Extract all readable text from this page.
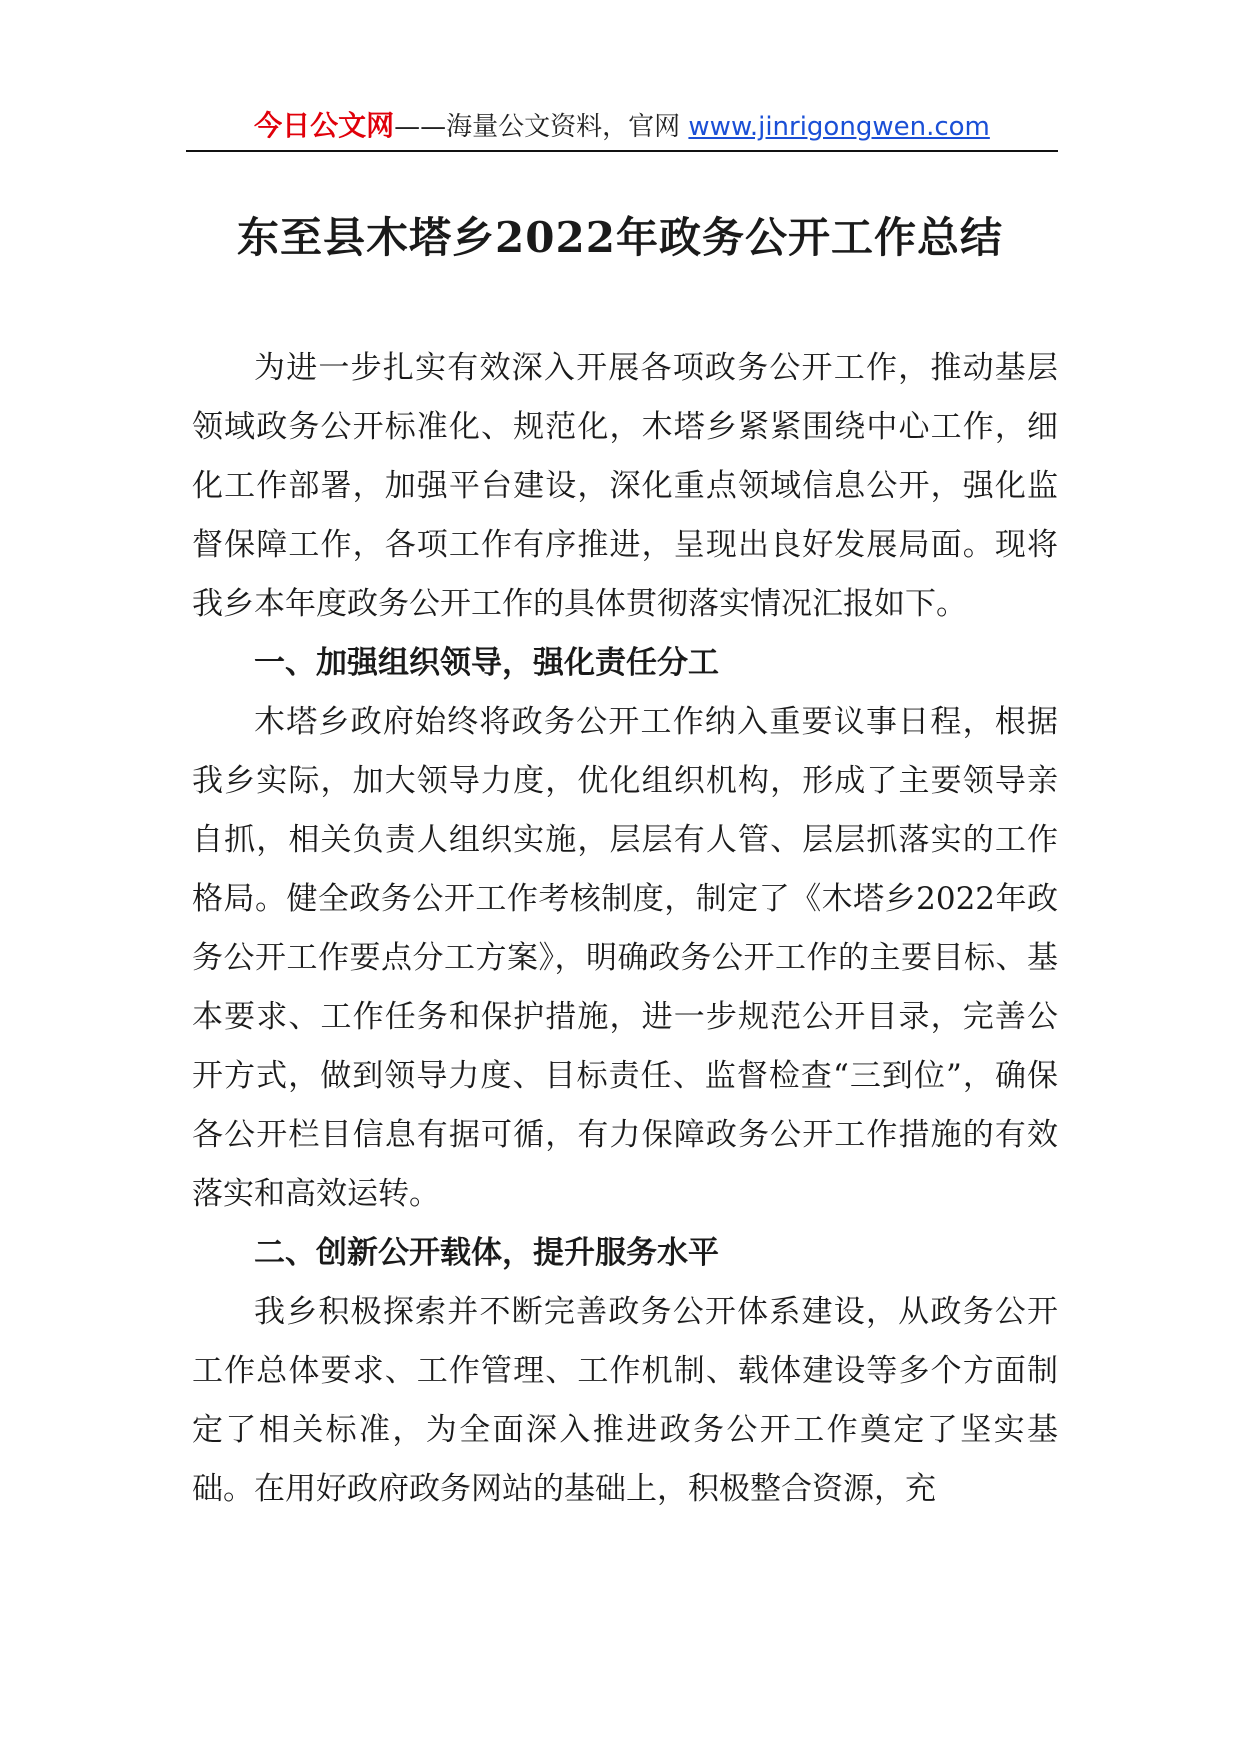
今日公文网——海量公文资料，官网 www.jinrigongwen.com
东至县木塔乡2022年政务公开工作总结

为进一步扎实有效深入开展各项政务公开工作，推动基层领域政务公开标准化、规范化，木塔乡紧紧围绕中心工作，细化工作部署，加强平台建设，深化重点领域信息公开，强化监督保障工作，各项工作有序推进，呈现出良好发展局面。现将我乡本年度政务公开工作的具体贯彻落实情况汇报如下。

一、加强组织领导，强化责任分工

木塔乡政府始终将政务公开工作纳入重要议事日程，根据我乡实际，加大领导力度，优化组织机构，形成了主要领导亲自抓，相关负责人组织实施，层层有人管、层层抓落实的工作格局。健全政务公开工作考核制度，制定了《木塔乡2022年政务公开工作要点分工方案》，明确政务公开工作的主要目标、基本要求、工作任务和保护措施，进一步规范公开目录，完善公开方式，做到领导力度、目标责任、监督检查“三到位”，确保各公开栏目信息有据可循，有力保障政务公开工作措施的有效落实和高效运转。

二、创新公开载体，提升服务水平

我乡积极探索并不断完善政务公开体系建设，从政务公开工作总体要求、工作管理、工作机制、载体建设等多个方面制定了相关标准，为全面深入推进政务公开工作奠定了坚实基础。在用好政府政务网站的基础上，积极整合资源，充
